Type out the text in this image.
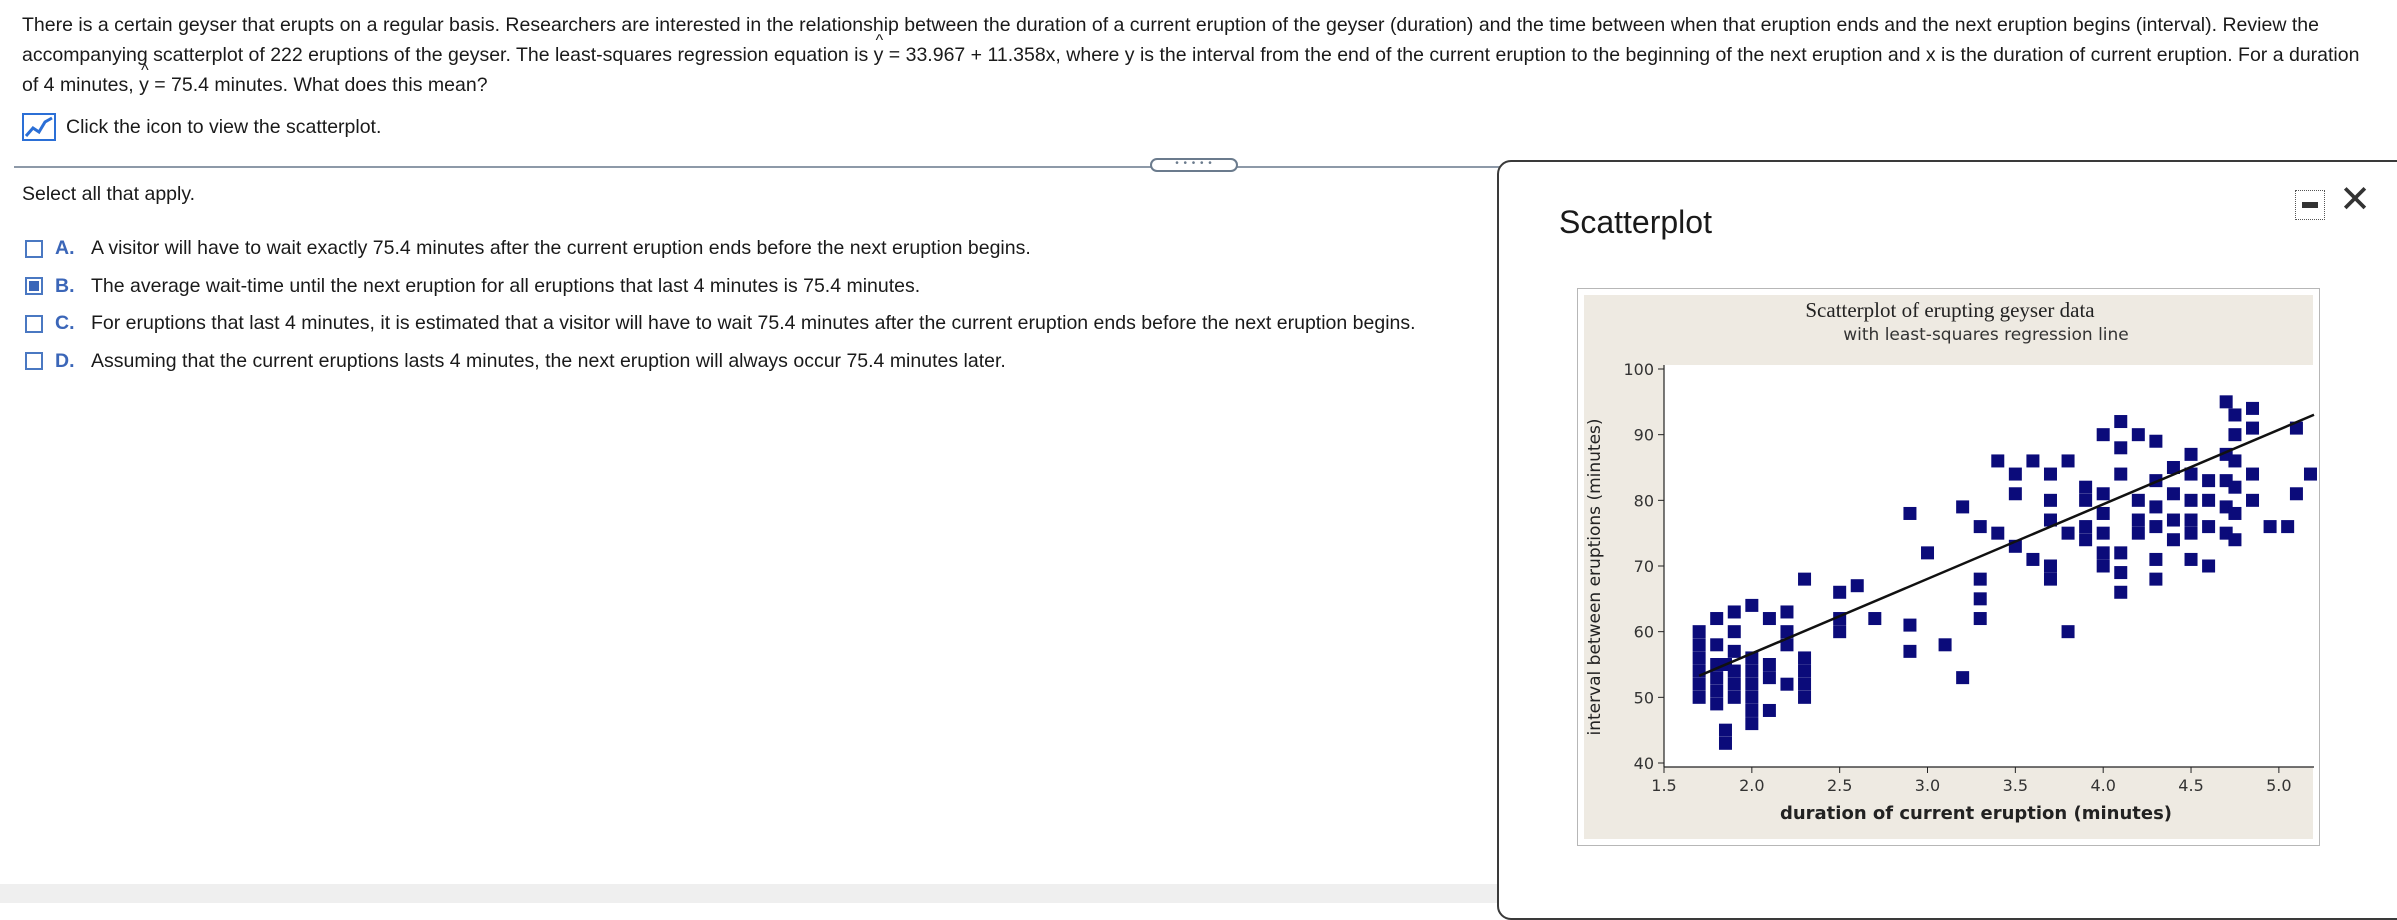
There is a certain geyser that erupts on a regular basis. Researchers are interested in the relationship between the duration of a current eruption of the geyser (duration) and the time between when that eruption ends and the next eruption begins (interval). Review the accompanying scatterplot of 222 eruptions of the geyser. The least-squares regression equation is ^ y = 33.967 + 11.358x, where y is the interval from the end of the current eruption to the beginning of the next eruption and x is the duration of current eruption. For a duration of 4 minutes, ^ y = 75.4 minutes. What does this mean?
Click the icon to view the scatterplot.
• • • • •
Select all that apply.
A. A visitor will have to wait exactly 75.4 minutes after the current eruption ends before the next eruption begins.
B. The average wait-time until the next eruption for all eruptions that last 4 minutes is 75.4 minutes.
C. For eruptions that last 4 minutes, it is estimated that a visitor will have to wait 75.4 minutes after the current eruption ends before the next eruption begins.
D. Assuming that the current eruptions lasts 4 minutes, the next eruption will always occur 75.4 minutes later.
Scatterplot
✕
Scatterplot of erupting geyser data
with least-squares regression line
interval between eruptions (minutes)
duration of current eruption (minutes)
40
50
60
70
80
90
100
1.5	2.0	2.5	3.0	3.5	4.0	4.5	5.0
